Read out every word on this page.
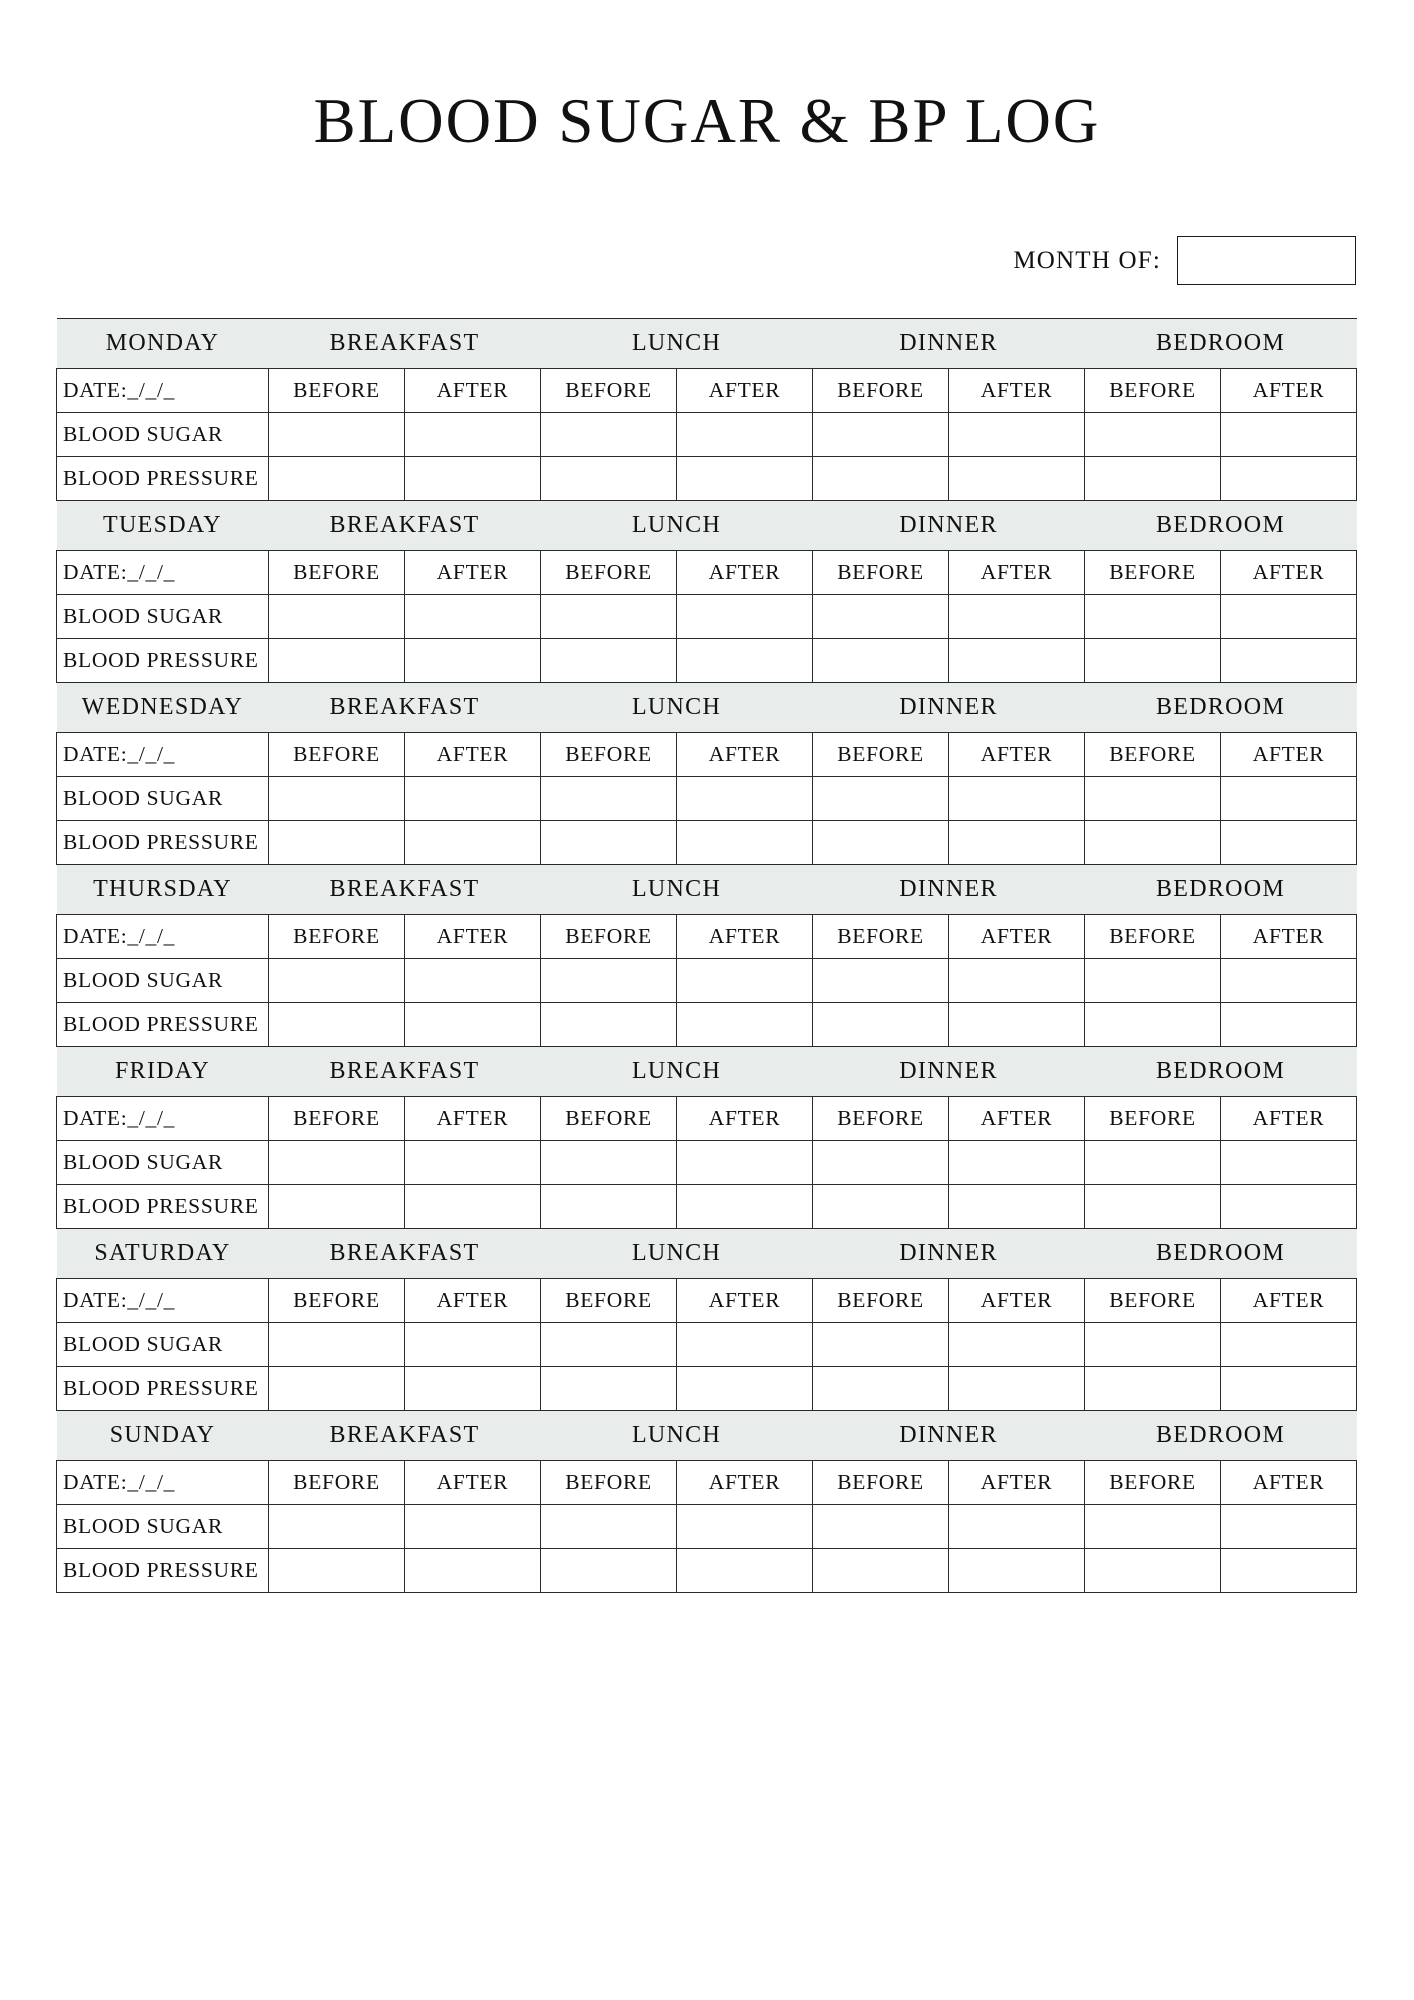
BLOOD SUGAR & BP LOG
MONTH OF:
MONDAY	BREAKFAST		LUNCH		DINNER		BEDROOM	
DATE:_/_/_	BEFORE	AFTER	BEFORE	AFTER	BEFORE	AFTER	BEFORE	AFTER
BLOOD SUGAR								
BLOOD PRESSURE								
TUESDAY	BREAKFAST		LUNCH		DINNER		BEDROOM	
DATE:_/_/_	BEFORE	AFTER	BEFORE	AFTER	BEFORE	AFTER	BEFORE	AFTER
BLOOD SUGAR								
BLOOD PRESSURE								
WEDNESDAY	BREAKFAST		LUNCH		DINNER		BEDROOM	
DATE:_/_/_	BEFORE	AFTER	BEFORE	AFTER	BEFORE	AFTER	BEFORE	AFTER
BLOOD SUGAR								
BLOOD PRESSURE								
THURSDAY	BREAKFAST		LUNCH		DINNER		BEDROOM	
DATE:_/_/_	BEFORE	AFTER	BEFORE	AFTER	BEFORE	AFTER	BEFORE	AFTER
BLOOD SUGAR								
BLOOD PRESSURE								
FRIDAY	BREAKFAST		LUNCH		DINNER		BEDROOM	
DATE:_/_/_	BEFORE	AFTER	BEFORE	AFTER	BEFORE	AFTER	BEFORE	AFTER
BLOOD SUGAR								
BLOOD PRESSURE								
SATURDAY	BREAKFAST		LUNCH		DINNER		BEDROOM	
DATE:_/_/_	BEFORE	AFTER	BEFORE	AFTER	BEFORE	AFTER	BEFORE	AFTER
BLOOD SUGAR								
BLOOD PRESSURE								
SUNDAY	BREAKFAST		LUNCH		DINNER		BEDROOM	
DATE:_/_/_	BEFORE	AFTER	BEFORE	AFTER	BEFORE	AFTER	BEFORE	AFTER
BLOOD SUGAR								
BLOOD PRESSURE								
